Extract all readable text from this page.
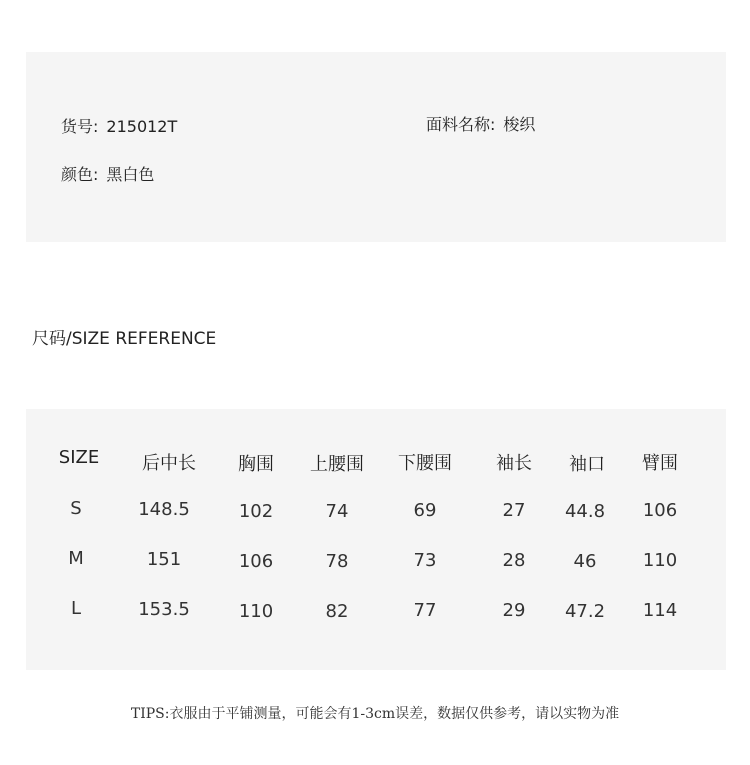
货号: 215012T	面料名称: 梭织
颜色: 黑白色
尺码/SIZE REFERENCE
SIZE 后中长 胸围 上腰围 下腰围 袖长 袖口 臂围
S	148.5	102	74	69	27 44.8 106
M	151	106	78	73	28	46	110
L	153.5	110	82	77	29 47.2 114
TIPS:衣服由于平铺测量，可能会有1-3cm误差，数据仅供参考，请以实物为准
